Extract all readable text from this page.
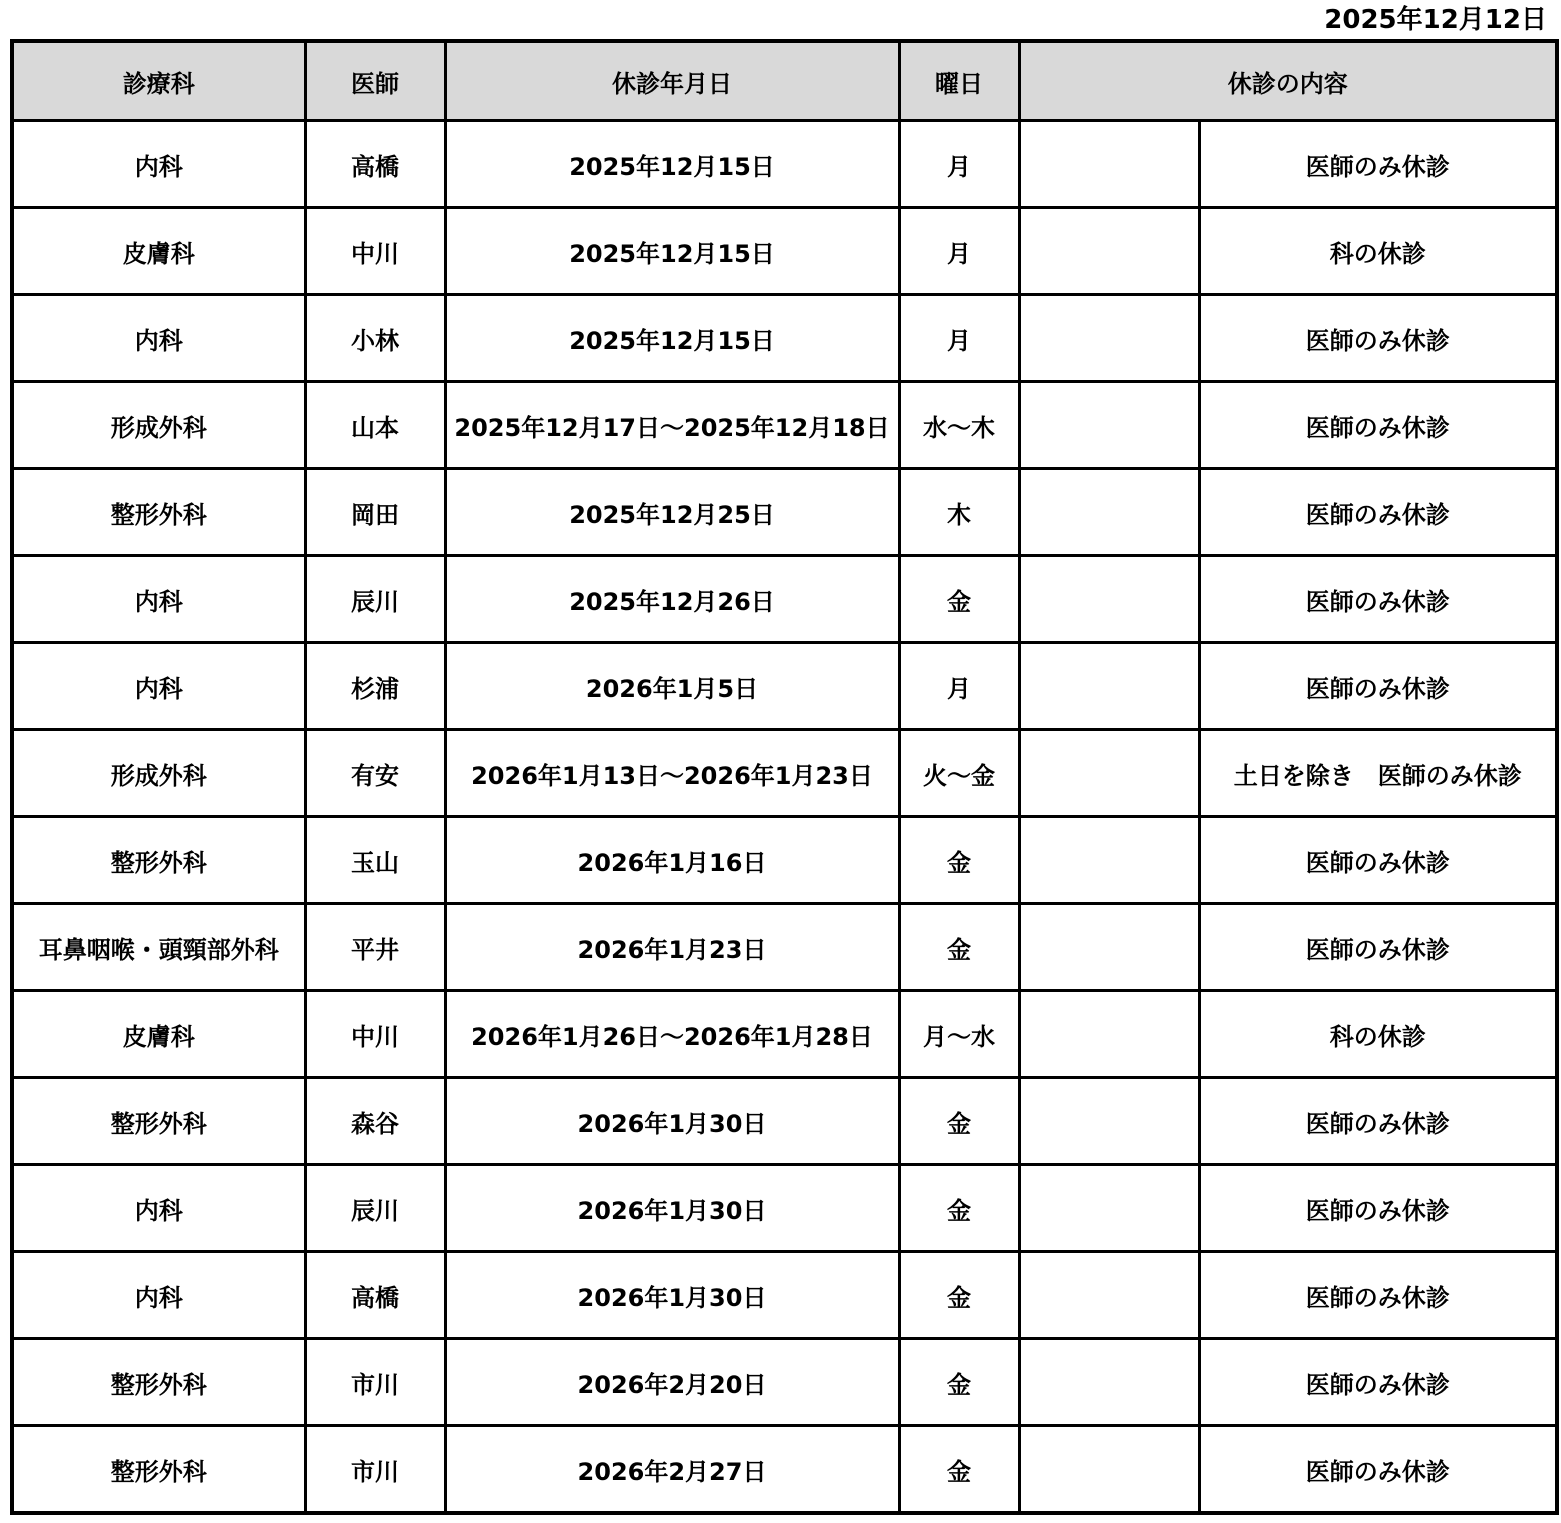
2025年12月12日
診療科	医師	休診年月日	曜日	休診の内容	
内科	高橋	2025年12月15日	月		医師のみ休診
皮膚科	中川	2025年12月15日	月		科の休診
内科	小林	2025年12月15日	月		医師のみ休診
形成外科	山本	2025年12月17日～2025年12月18日	水～木		医師のみ休診
整形外科	岡田	2025年12月25日	木		医師のみ休診
内科	辰川	2025年12月26日	金		医師のみ休診
内科	杉浦	2026年1月5日	月		医師のみ休診
形成外科	有安	2026年1月13日～2026年1月23日	火～金		土日を除き　医師のみ休診
整形外科	玉山	2026年1月16日	金		医師のみ休診
耳鼻咽喉・頭頸部外科	平井	2026年1月23日	金		医師のみ休診
皮膚科	中川	2026年1月26日～2026年1月28日	月～水		科の休診
整形外科	森谷	2026年1月30日	金		医師のみ休診
内科	辰川	2026年1月30日	金		医師のみ休診
内科	高橋	2026年1月30日	金		医師のみ休診
整形外科	市川	2026年2月20日	金		医師のみ休診
整形外科	市川	2026年2月27日	金		医師のみ休診
